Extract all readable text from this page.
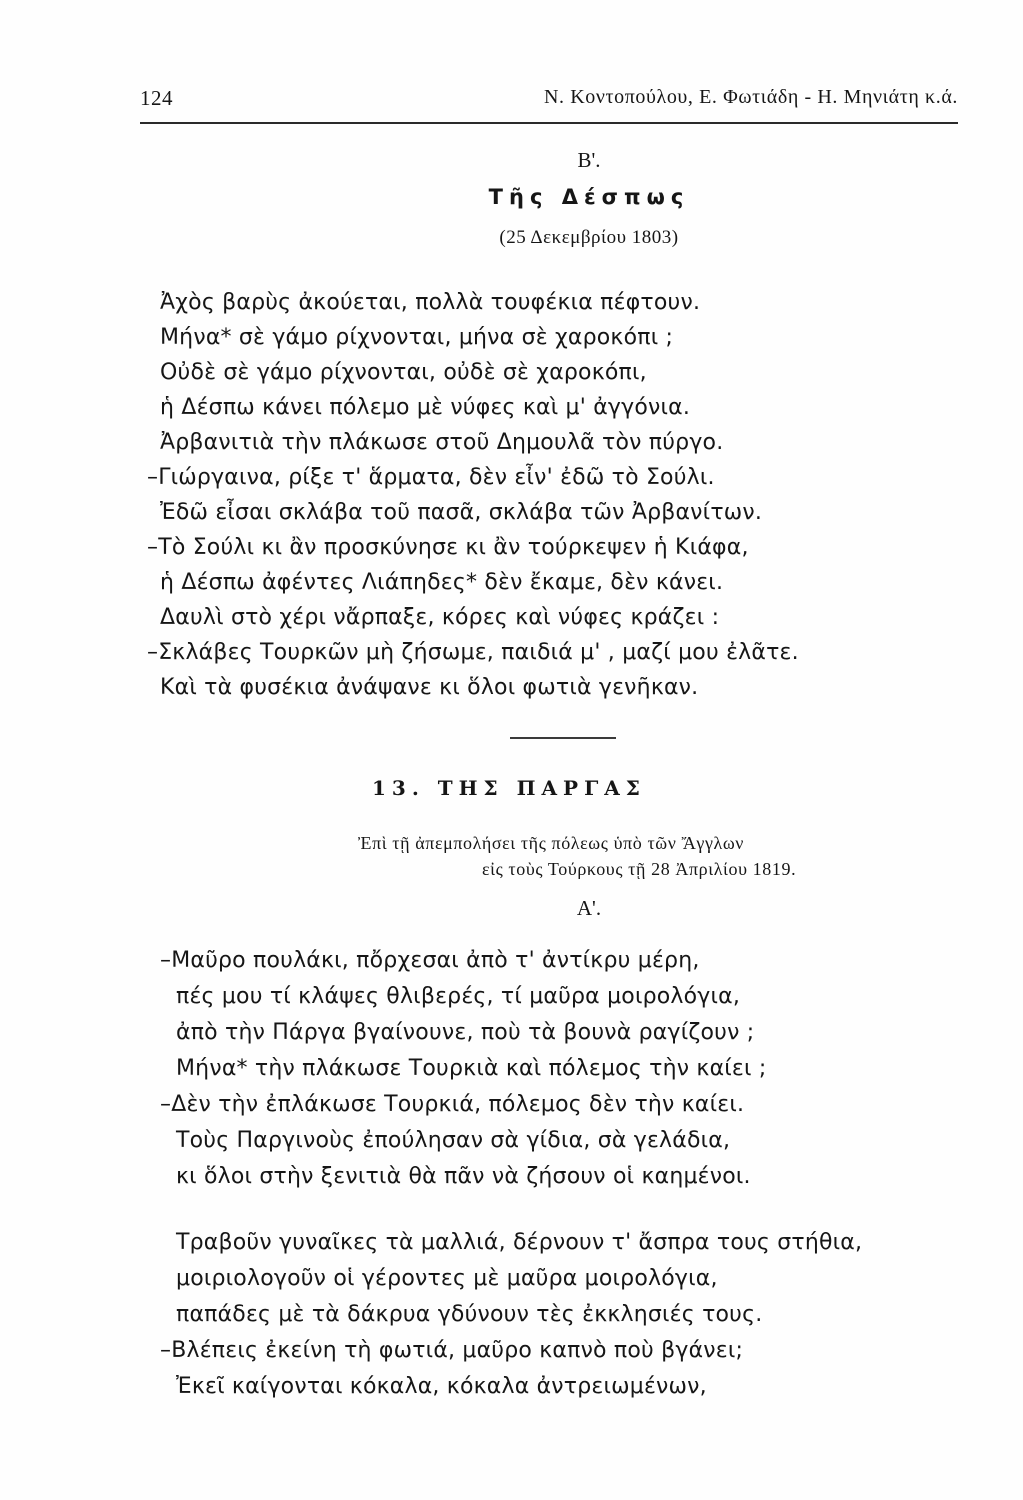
124	Ν. Κοντοπούλου, Ε. Φωτιάδη - Η. Μηνιάτη κ.ά.
Β'.
Τῆς Δέσπως
(25 Δεκεμβρίου 1803)
Ἀχὸς βαρὺς ἀκούεται, πολλὰ τουφέκια πέφτουν.
Μήνα* σὲ γάμο ρίχνονται, μήνα σὲ χαροκόπι ;
Οὐδὲ σὲ γάμο ρίχνονται, οὐδὲ σὲ χαροκόπι,
ἡ Δέσπω κάνει πόλεμο μὲ νύφες καὶ μ' ἀγγόνια.
Ἀρβανιτιὰ τὴν πλάκωσε στοῦ Δημουλᾶ τὸν πύργο.
–Γιώργαινα, ρίξε τ' ἅρματα, δὲν εἶν' ἐδῶ τὸ Σούλι.
Ἐδῶ εἶσαι σκλάβα τοῦ πασᾶ, σκλάβα τῶν Ἀρβανίτων.
–Τὸ Σούλι κι ἂν προσκύνησε κι ἂν τούρκεψεν ἡ Κιάφα,
ἡ Δέσπω ἀφέντες Λιάπηδες* δὲν ἔκαμε, δὲν κάνει.
Δαυλὶ στὸ χέρι νἄρπαξε, κόρες καὶ νύφες κράζει :
–Σκλάβες Τουρκῶν μὴ ζήσωμε, παιδιά μ' , μαζί μου ἐλᾶτε.
Καὶ τὰ φυσέκια ἀνάψανε κι ὅλοι φωτιὰ γενῆκαν.
13. ΤΗΣ ΠΑΡΓΑΣ
Ἐπὶ τῇ ἀπεμπολήσει τῆς πόλεως ὑπὸ τῶν Ἄγγλων
εἰς τοὺς Τούρκους τῇ 28 Ἀπριλίου 1819.
Α'.
–Μαῦρο πουλάκι, πὄρχεσαι ἀπὸ τ' ἀντίκρυ μέρη,
πές μου τί κλάψες θλιβερές, τί μαῦρα μοιρολόγια,
ἀπὸ τὴν Πάργα βγαίνουνε, ποὺ τὰ βουνὰ ραγίζουν ;
Μήνα* τὴν πλάκωσε Τουρκιὰ καὶ πόλεμος τὴν καίει ;
–Δὲν τὴν ἐπλάκωσε Τουρκιά, πόλεμος δὲν τὴν καίει.
Τοὺς Παργινοὺς ἐπούλησαν σὰ γίδια, σὰ γελάδια,
κι ὅλοι στὴν ξενιτιὰ θὰ πᾶν νὰ ζήσουν οἱ καημένοι.
Τραβοῦν γυναῖκες τὰ μαλλιά, δέρνουν τ' ἄσπρα τους στήθια,
μοιριολογοῦν οἱ γέροντες μὲ μαῦρα μοιρολόγια,
παπάδες μὲ τὰ δάκρυα γδύνουν τὲς ἐκκλησιές τους.
–Βλέπεις ἐκείνη τὴ φωτιά, μαῦρο καπνὸ ποὺ βγάνει;
Ἐκεῖ καίγονται κόκαλα, κόκαλα ἀντρειωμένων,
